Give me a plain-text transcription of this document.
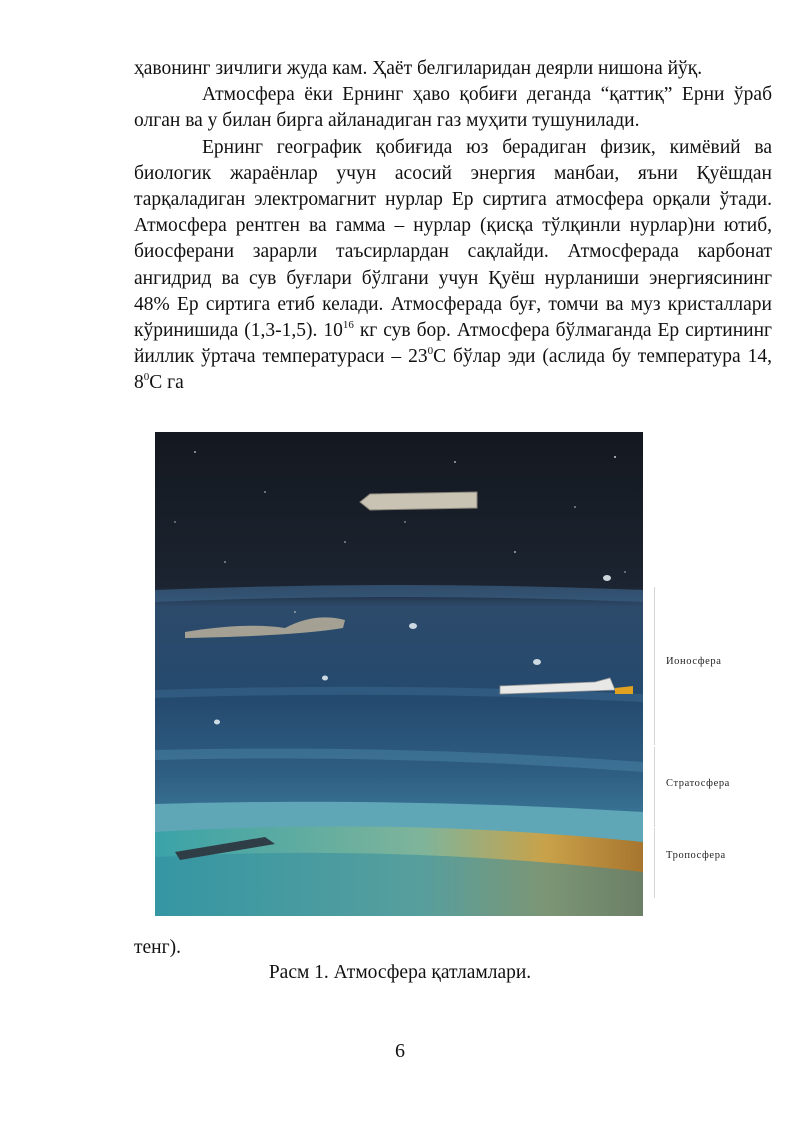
ҳавонинг зичлиги жуда кам. Ҳаёт белгиларидан деярли нишона йўқ.

Атмосфера ёки Ернинг ҳаво қобиғи деганда “қаттиқ” Ерни ўраб олган ва у билан бирга айланадиган газ муҳити тушунилади.

Ернинг географик қобиғида юз берадиган физик, кимёвий ва биологик жараёнлар учун асосий энергия манбаи, яъни Қуёшдан тарқаладиган электромагнит нурлар Ер сиртига атмосфера орқали ўтади. Атмосфера рентген ва гамма – нурлар (қисқа тўлқинли нурлар)ни ютиб, биосферани зарарли таъсирлардан сақлайди. Атмосферада карбонат ангидрид ва сув буғлари бўлгани учун Қуёш нурланиши энергиясининг 48% Ер сиртига етиб келади. Атмосферада буғ, томчи ва муз кристаллари кўринишида (1,3-1,5). $10^{16}$ кг сув бор. Атмосфера бўлмаганда Ер сиртининг йиллик ўртача температураси – $23^0С$ бўлар эди (аслида бу температура 14, $8^0С$ га

Ионосфера
Стратосфера
Тропосфера
тенг).
Расм 1. Атмосфера қатламлари.
6
